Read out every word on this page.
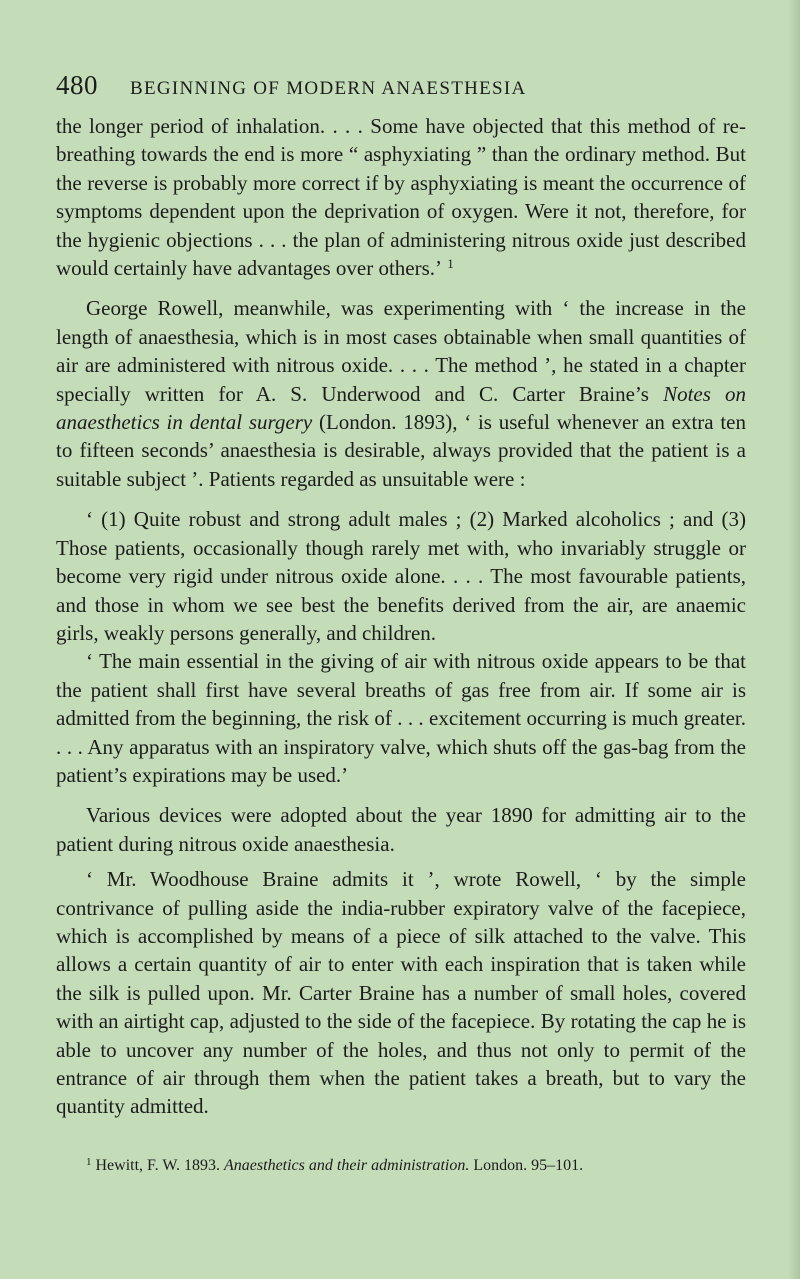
480 BEGINNING OF MODERN ANAESTHESIA

the longer period of inhalation. . . . Some have objected that this method of re-breathing towards the end is more “ asphyxiating ” than the ordinary method. But the reverse is probably more correct if by asphyxiating is meant the occurrence of symptoms dependent upon the deprivation of oxygen. Were it not, therefore, for the hygienic objections . . . the plan of administering nitrous oxide just described would certainly have advantages over others.’ $^1$

George Rowell, meanwhile, was experimenting with ‘ the increase in the length of anaesthesia, which is in most cases obtainable when small quantities of air are administered with nitrous oxide. . . . The method ’, he stated in a chapter specially written for A. S. Underwood and C. Carter Braine’s Notes on anaesthetics in dental surgery (London. 1893), ‘ is useful whenever an extra ten to fifteen seconds’ anaesthesia is desirable, always provided that the patient is a suitable subject ’. Patients regarded as unsuitable were :

‘ (1) Quite robust and strong adult males ; (2) Marked alcoholics ; and (3) Those patients, occasionally though rarely met with, who invariably struggle or become very rigid under nitrous oxide alone. . . . The most favourable patients, and those in whom we see best the benefits derived from the air, are anaemic girls, weakly persons generally, and children.

‘ The main essential in the giving of air with nitrous oxide appears to be that the patient shall first have several breaths of gas free from air. If some air is admitted from the beginning, the risk of . . . excitement occurring is much greater. . . . Any apparatus with an inspiratory valve, which shuts off the gas-bag from the patient’s expirations may be used.’

Various devices were adopted about the year 1890 for admitting air to the patient during nitrous oxide anaesthesia.

‘ Mr. Woodhouse Braine admits it ’, wrote Rowell, ‘ by the simple contrivance of pulling aside the india-rubber expiratory valve of the facepiece, which is accomplished by means of a piece of silk attached to the valve. This allows a certain quantity of air to enter with each inspiration that is taken while the silk is pulled upon. Mr. Carter Braine has a number of small holes, covered with an airtight cap, adjusted to the side of the facepiece. By rotating the cap he is able to uncover any number of the holes, and thus not only to permit of the entrance of air through them when the patient takes a breath, but to vary the quantity admitted.

$^1$ Hewitt, F. W. 1893. Anaesthetics and their administration. London. 95–101.
